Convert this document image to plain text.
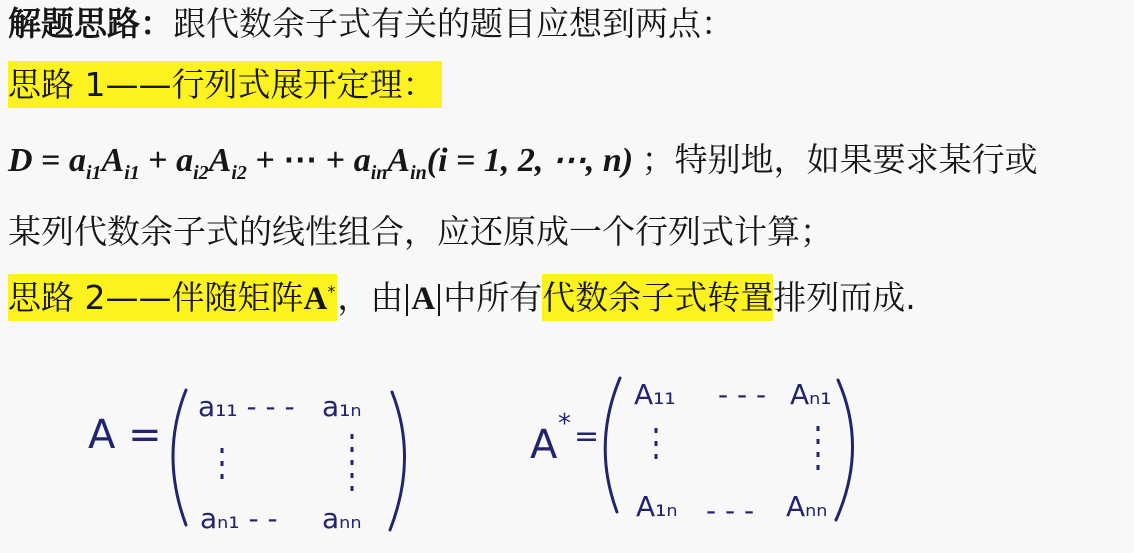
解题思路：跟代数余子式有关的题目应想到两点：
思路 1——行列式展开定理：
$D = a_{i1}A_{i1} + a_{i2}A_{i2}$ + ⋯ + $a_{in}A_{in}(i = 1$, 2, ⋯, n) ；特别地，如果要求某行或
某列代数余子式的线性组合，应还原成一个行列式计算；
思路 2——伴随矩阵A*，由 A 中所有代数余子式转置排列而成.
A =
a₁₁ - - - a₁ₙ
aₙ₁ - - aₙₙ
A * =
A₁₁ - - - Aₙ₁
A₁ₙ - - - Aₙₙ
